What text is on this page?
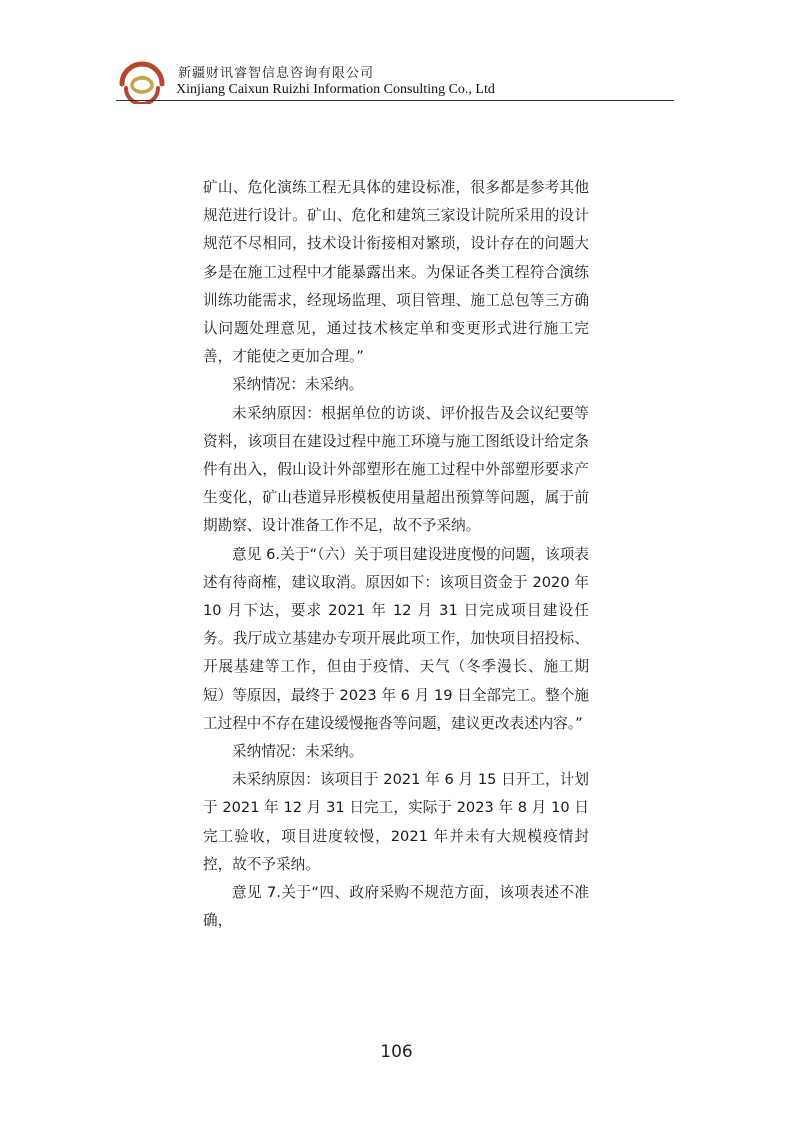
新疆财讯睿智信息咨询有限公司
Xinjiang Caixun Ruizhi Information Consulting Co., Ltd

矿山、危化演练工程无具体的建设标准，很多都是参考其他规范进行设计。矿山、危化和建筑三家设计院所采用的设计规范不尽相同，技术设计衔接相对繁琐，设计存在的问题大多是在施工过程中才能暴露出来。为保证各类工程符合演练训练功能需求，经现场监理、项目管理、施工总包等三方确认问题处理意见，通过技术核定单和变更形式进行施工完善，才能使之更加合理。”

采纳情况：未采纳。

未采纳原因：根据单位的访谈、评价报告及会议纪要等资料，该项目在建设过程中施工环境与施工图纸设计给定条件有出入，假山设计外部塑形在施工过程中外部塑形要求产生变化，矿山巷道异形模板使用量超出预算等问题，属于前期勘察、设计准备工作不足，故不予采纳。

意见 6.关于“（六）关于项目建设进度慢的问题，该项表述有待商榷，建议取消。原因如下：该项目资金于 2020 年 10 月下达，要求 2021 年 12 月 31 日完成项目建设任务。我厅成立基建办专项开展此项工作，加快项目招投标、开展基建等工作，但由于疫情、天气（冬季漫长、施工期短）等原因，最终于 2023 年 6 月 19 日全部完工。整个施工过程中不存在建设缓慢拖沓等问题，建议更改表述内容。”

采纳情况：未采纳。

未采纳原因：该项目于 2021 年 6 月 15 日开工，计划于 2021 年 12 月 31 日完工，实际于 2023 年 8 月 10 日完工验收，项目进度较慢，2021 年并未有大规模疫情封控，故不予采纳。

意见 7.关于“四、政府采购不规范方面，该项表述不准确，

106
